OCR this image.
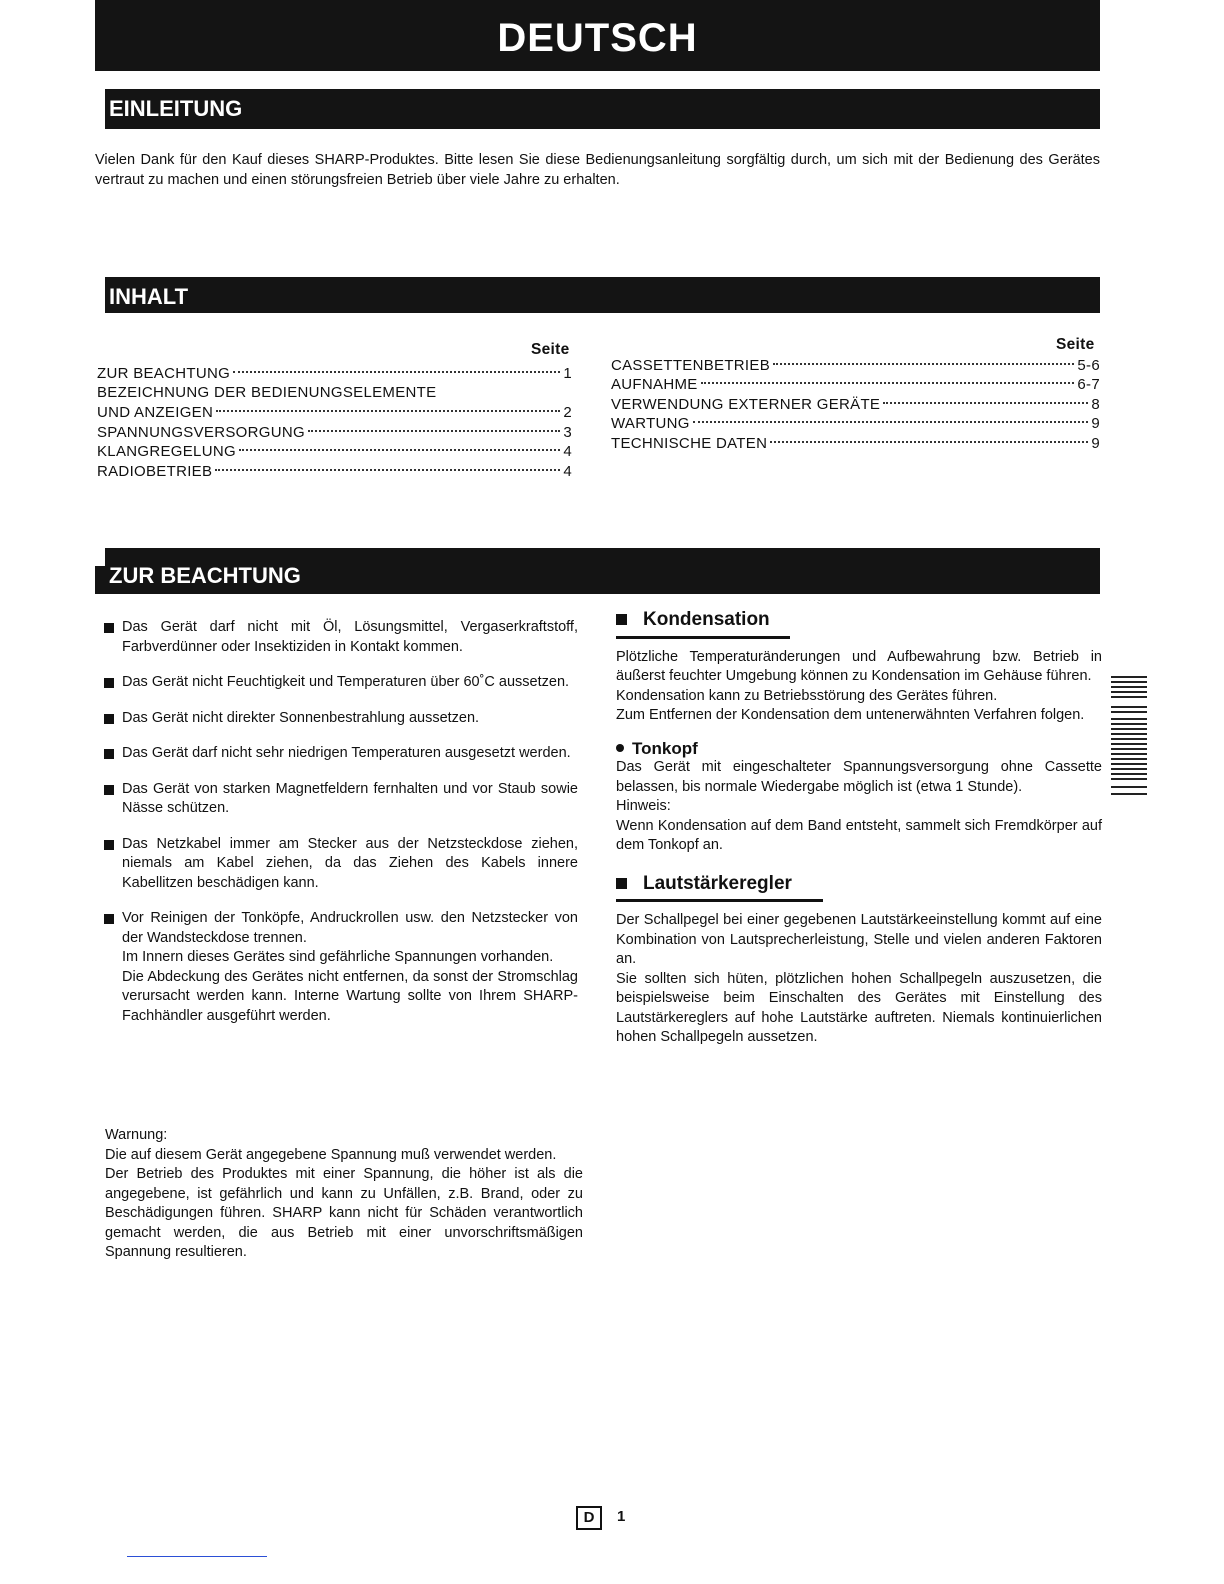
DEUTSCH
EINLEITUNG
Vielen Dank für den Kauf dieses SHARP-Produktes. Bitte lesen Sie diese Bedienungsanleitung sorgfältig durch, um sich mit der Bedienung des Gerätes vertraut zu machen und einen störungsfreien Betrieb über viele Jahre zu erhalten.
INHALT
Seite	Seite
ZUR BEACHTUNG	1
BEZEICHNUNG DER BEDIENUNGSELEMENTE
UND ANZEIGEN	2
SPANNUNGSVERSORGUNG	3
KLANGREGELUNG	4
RADIOBETRIEB	4
CASSETTENBETRIEB	5-6
AUFNAHME	6-7
VERWENDUNG EXTERNER GERÄTE	8
WARTUNG	9
TECHNISCHE DATEN	9
ZUR BEACHTUNG
Das Gerät darf nicht mit Öl, Lösungsmittel, Vergaserkraftstoff, Farbverdünner oder Insektiziden in Kontakt kommen.
Das Gerät nicht Feuchtigkeit und Temperaturen über 60˚C aussetzen.
Das Gerät nicht direkter Sonnenbestrahlung aussetzen.
Das Gerät darf nicht sehr niedrigen Temperaturen ausgesetzt werden.
Das Gerät von starken Magnetfeldern fernhalten und vor Staub sowie Nässe schützen.
Das Netzkabel immer am Stecker aus der Netzsteckdose ziehen, niemals am Kabel ziehen, da das Ziehen des Kabels innere Kabellitzen beschädigen kann.
Vor Reinigen der Tonköpfe, Andruckrollen usw. den Netzstecker von der Wandsteckdose trennen.
Im Innern dieses Gerätes sind gefährliche Spannungen vorhanden.
Die Abdeckung des Gerätes nicht entfernen, da sonst der Stromschlag verursacht werden kann. Interne Wartung sollte von Ihrem SHARP-Fachhändler ausgeführt werden.
Warnung:
Die auf diesem Gerät angegebene Spannung muß verwendet werden.
Der Betrieb des Produktes mit einer Spannung, die höher ist als die angegebene, ist gefährlich und kann zu Unfällen, z.B. Brand, oder zu Beschädigungen führen. SHARP kann nicht für Schäden verantwortlich gemacht werden, die aus Betrieb mit einer unvorschriftsmäßigen Spannung resultieren.
Kondensation
Plötzliche Temperaturänderungen und Aufbewahrung bzw. Betrieb in äußerst feuchter Umgebung können zu Kondensation im Gehäuse führen.
Kondensation kann zu Betriebsstörung des Gerätes führen.
Zum Entfernen der Kondensation dem untenerwähnten Verfahren folgen.
Tonkopf
Das Gerät mit eingeschalteter Spannungsversorgung ohne Cassette belassen, bis normale Wiedergabe möglich ist (etwa 1 Stunde).
Hinweis:
Wenn Kondensation auf dem Band entsteht, sammelt sich Fremdkörper auf dem Tonkopf an.
Lautstärkeregler
Der Schallpegel bei einer gegebenen Lautstärkeeinstellung kommt auf eine Kombination von Lautsprecherleistung, Stelle und vielen anderen Faktoren an.
Sie sollten sich hüten, plötzlichen hohen Schallpegeln auszusetzen, die beispielsweise beim Einschalten des Gerätes mit Einstellung des Lautstärkereglers auf hohe Lautstärke auftreten. Niemals kontinuierlichen hohen Schallpegeln aussetzen.
D	1
